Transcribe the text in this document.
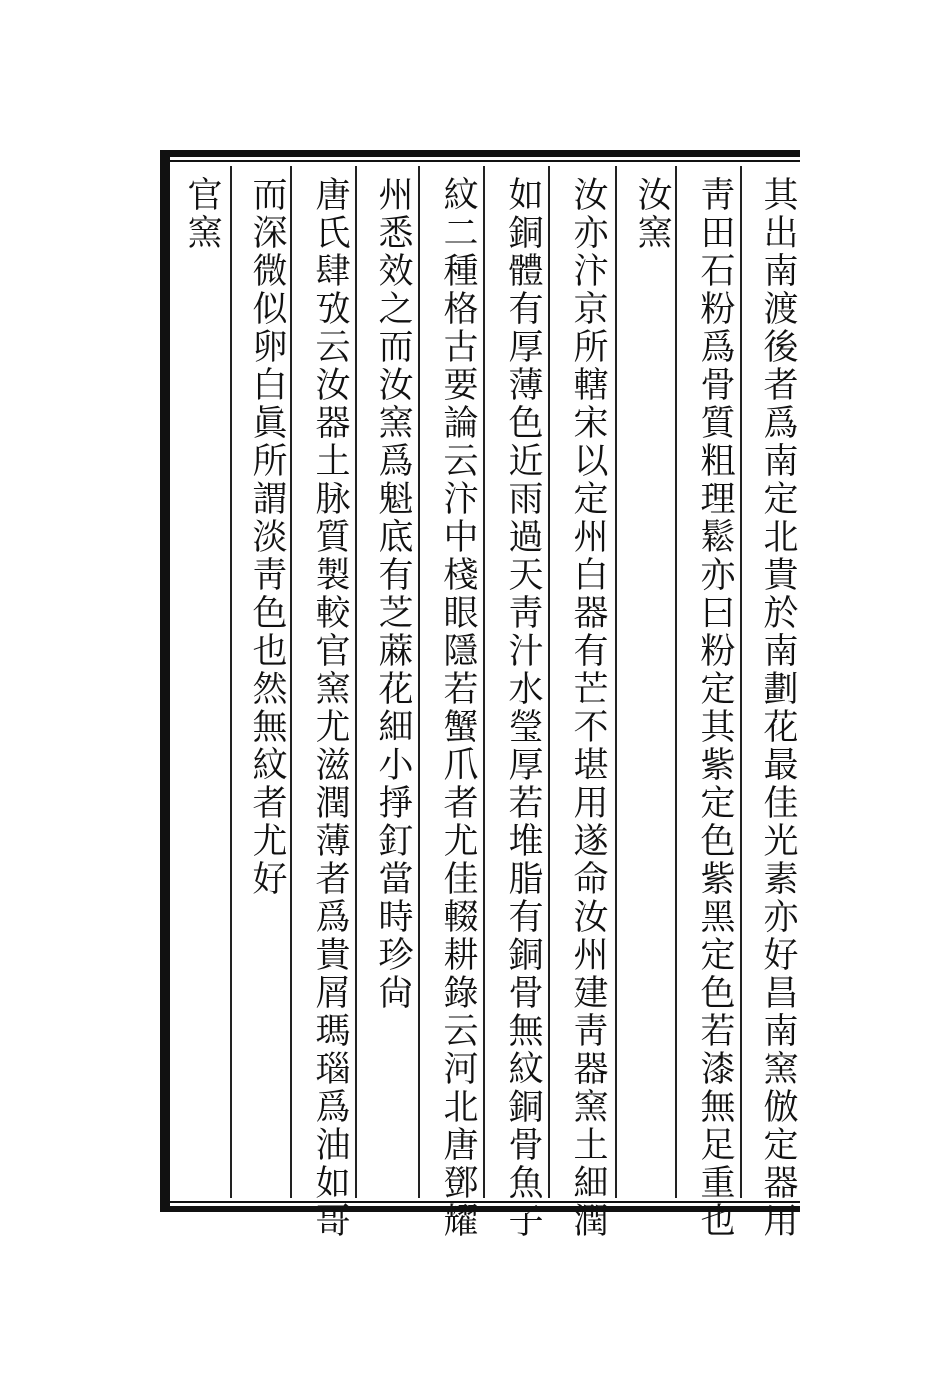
其出南渡後者爲南定北貴於南劃花最佳光素亦好昌南窯倣定器用
靑田石粉爲骨質粗理鬆亦曰粉定其紫定色紫黑定色若漆無足重也
汝窯
汝亦汴京所轄宋以定州白器有芒不堪用遂命汝州建靑器窯土細潤
如銅體有厚薄色近雨過天靑汁水瑩厚若堆脂有銅骨無紋銅骨魚子
紋二種格古要論云汴中棧眼隱若蟹爪者尤佳輟耕錄云河北唐鄧耀
州悉效之而汝窯爲魁底有芝蔴花細小掙釘當時珍尙
唐氏肆攷云汝器土脉質製較官窯尤滋潤薄者爲貴屑瑪瑙爲油如哥
而深微似卵白眞所謂淡靑色也然無紋者尤好
官窯
